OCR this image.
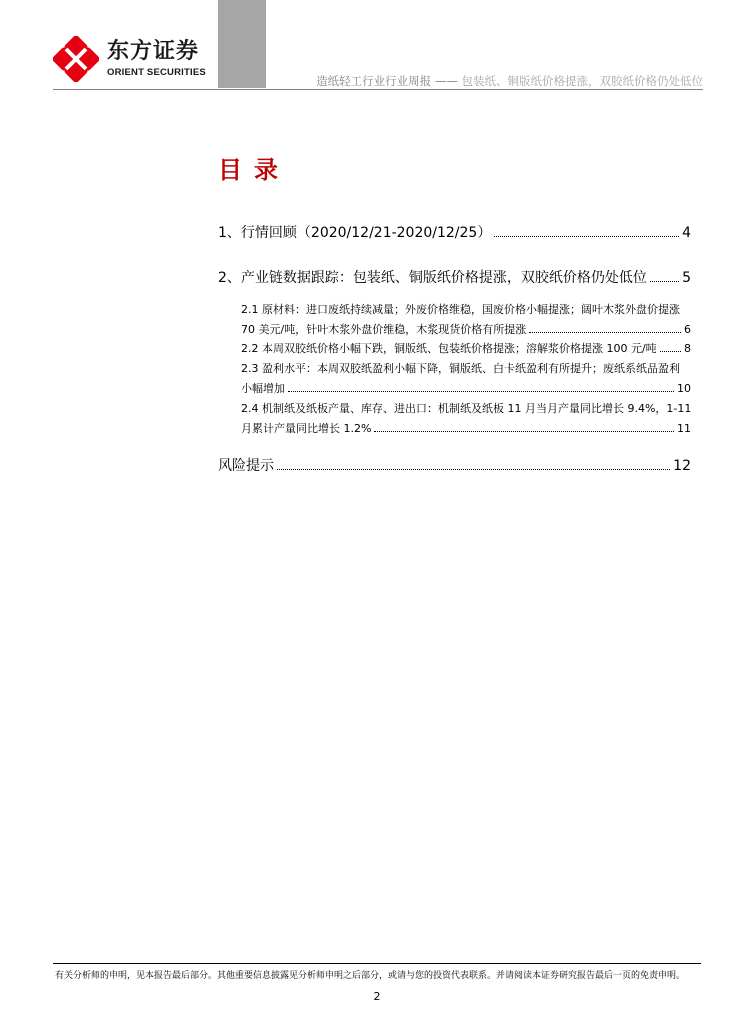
东方证券
ORIENT SECURITIES
造纸轻工行业行业周报 —— 包装纸、铜版纸价格提涨，双胶纸价格仍处低位
目录
1、行情回顾（2020/12/21-2020/12/25）	4
2、产业链数据跟踪：包装纸、铜版纸价格提涨，双胶纸价格仍处低位	5
2.1 原材料：进口废纸持续减量；外废价格维稳，国废价格小幅提涨；阔叶木浆外盘价提涨
70 美元/吨，针叶木浆外盘价维稳，木浆现货价格有所提涨	6
2.2 本周双胶纸价格小幅下跌，铜版纸、包装纸价格提涨；溶解浆价格提涨 100 元/吨 8
2.3 盈利水平：本周双胶纸盈利小幅下降，铜版纸、白卡纸盈利有所提升；废纸系纸品盈利
小幅增加	10
2.4 机制纸及纸板产量、库存、进出口：机制纸及纸板 11 月当月产量同比增长 9.4%，1-11
月累计产量同比增长 1.2%	11
风险提示	12
有关分析师的申明，见本报告最后部分。其他重要信息披露见分析师申明之后部分，或请与您的投资代表联系。并请阅读本证券研究报告最后一页的免责申明。
2
